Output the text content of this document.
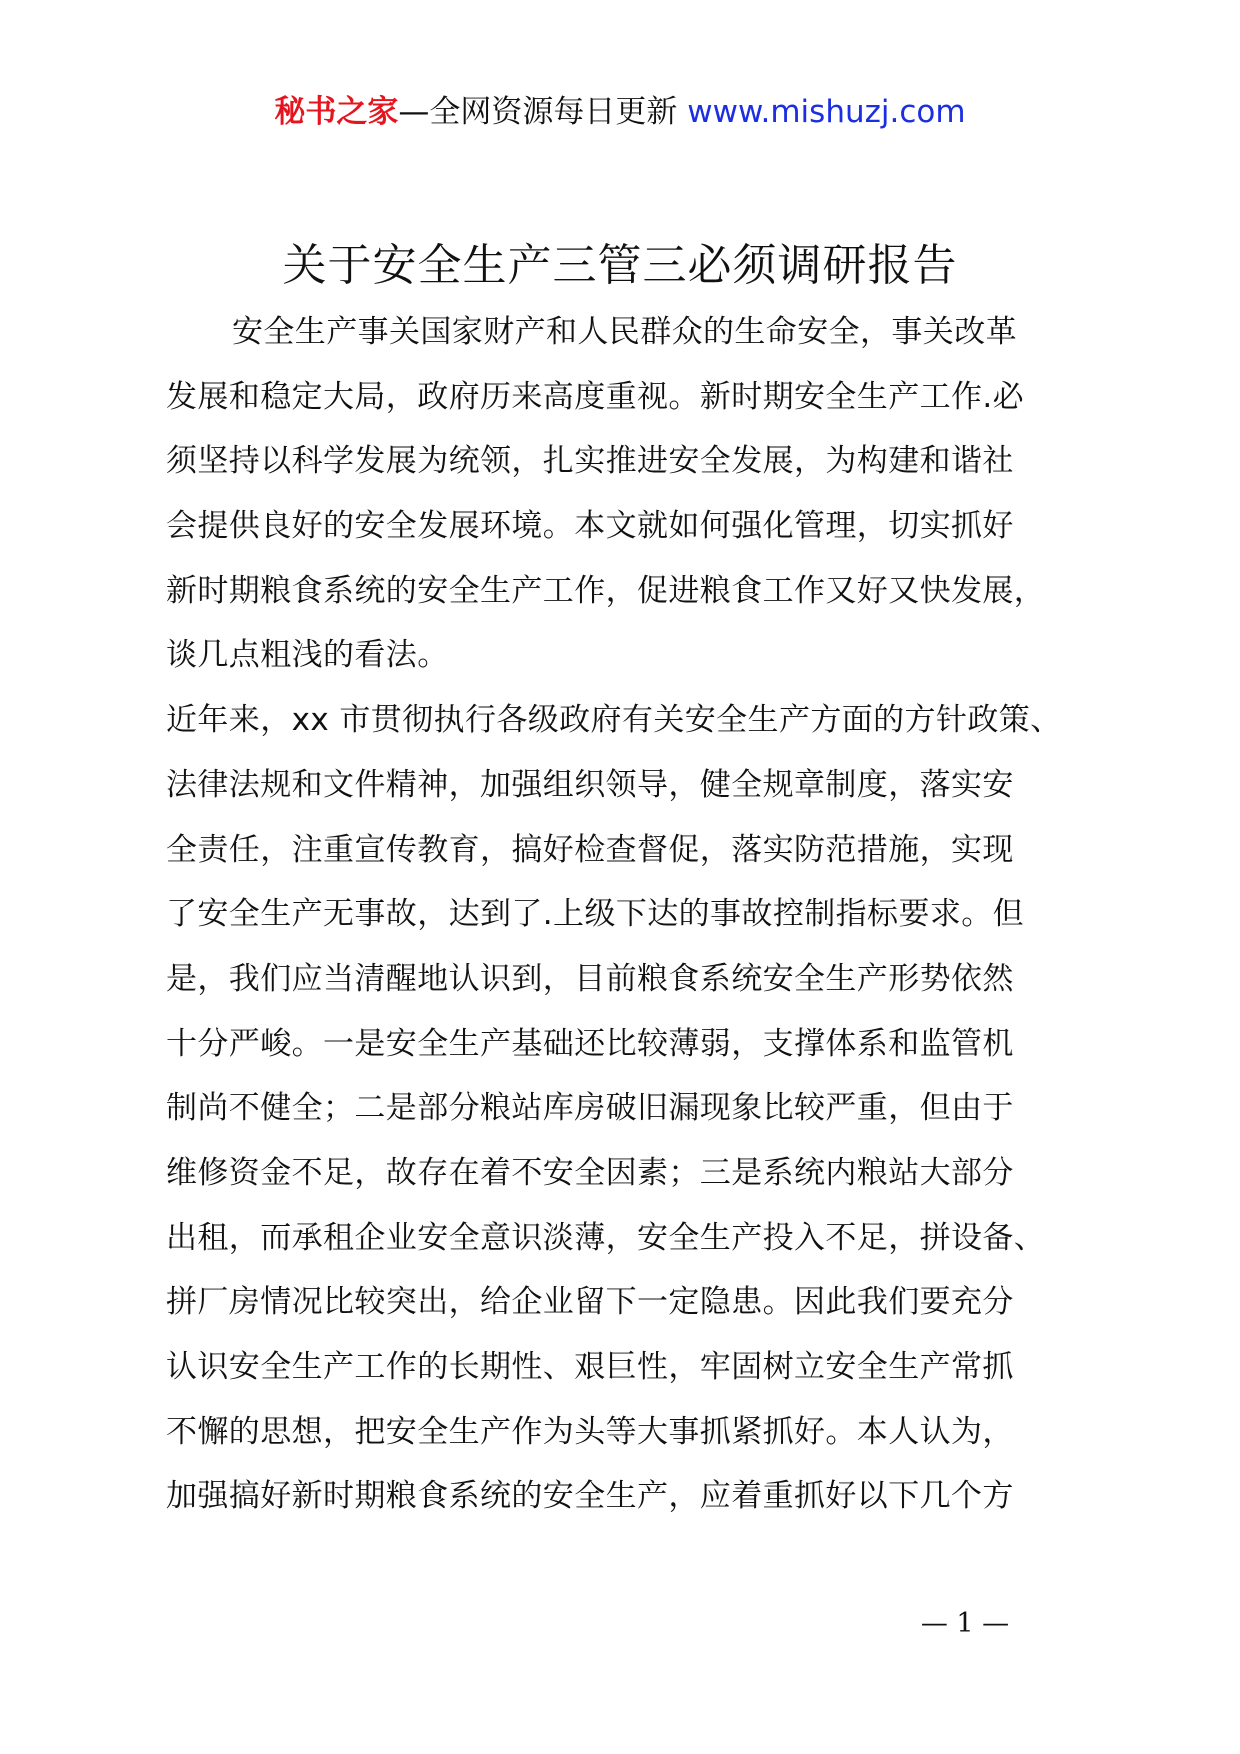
秘书之家—全网资源每日更新 www.mishuzj.com
关于安全生产三管三必须调研报告
安全生产事关国家财产和人民群众的生命安全，事关改革
发展和稳定大局，政府历来高度重视。新时期安全生产工作.必
须坚持以科学发展为统领，扎实推进安全发展，为构建和谐社
会提供良好的安全发展环境。本文就如何强化管理，切实抓好
新时期粮食系统的安全生产工作，促进粮食工作又好又快发展，
谈几点粗浅的看法。
近年来，xx 市贯彻执行各级政府有关安全生产方面的方针政策、
法律法规和文件精神，加强组织领导，健全规章制度，落实安
全责任，注重宣传教育，搞好检查督促，落实防范措施，实现
了安全生产无事故，达到了.上级下达的事故控制指标要求。但
是，我们应当清醒地认识到，目前粮食系统安全生产形势依然
十分严峻。一是安全生产基础还比较薄弱，支撑体系和监管机
制尚不健全；二是部分粮站库房破旧漏现象比较严重，但由于
维修资金不足，故存在着不安全因素；三是系统内粮站大部分
出租，而承租企业安全意识淡薄，安全生产投入不足，拼设备、
拼厂房情况比较突出，给企业留下一定隐患。因此我们要充分
认识安全生产工作的长期性、艰巨性，牢固树立安全生产常抓
不懈的思想，把安全生产作为头等大事抓紧抓好。本人认为，
加强搞好新时期粮食系统的安全生产，应着重抓好以下几个方
— 1 —
